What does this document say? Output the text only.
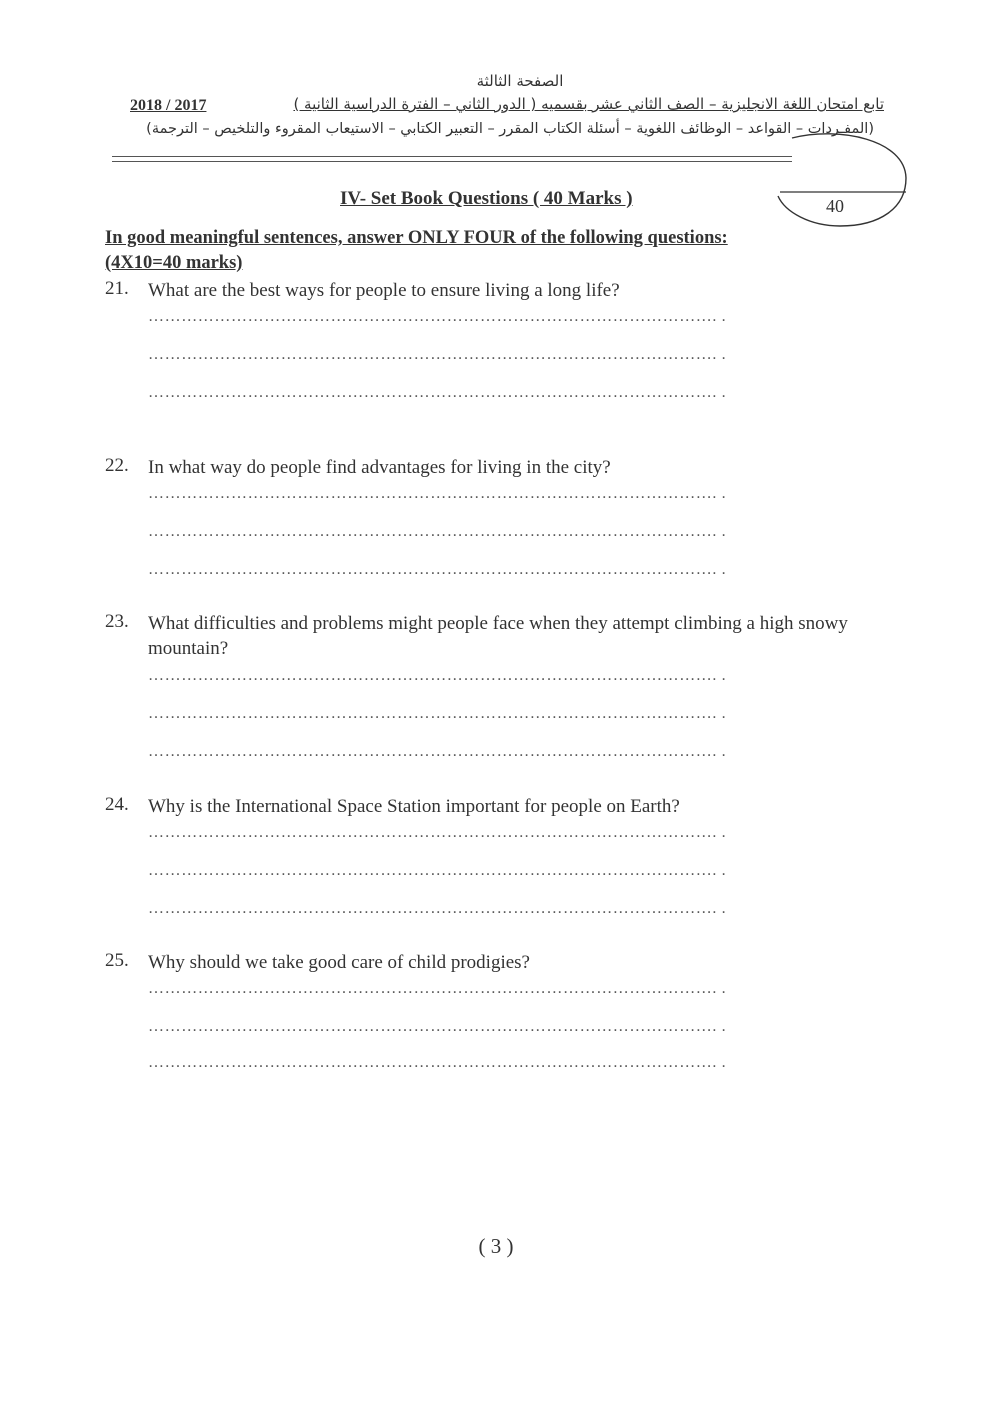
الصفحة الثالثة
تابع امتحان اللغة الانجليزية – الصف الثاني عشر بقسميه ( الدور الثاني – الفترة الدراسية الثانية )
2018 / 2017
(المفـردات – القواعد – الوظائف اللغوية – أسئلة الكتاب المقرر – التعبير الكتابي – الاستيعاب المقروء والتلخيص – الترجمة)
40
IV- Set Book Questions ( 40 Marks )
In good meaningful sentences, answer ONLY FOUR of the following questions:
(4X10=40 marks)
21. What are the best ways for people to ensure living a long life?
…………………………………………………………………………………………. .
…………………………………………………………………………………………. .
…………………………………………………………………………………………. .
22. In what way do people find advantages for living in the city?
…………………………………………………………………………………………. .
…………………………………………………………………………………………. .
…………………………………………………………………………………………. .
23. What difficulties and problems might people face when they attempt climbing a high snowy mountain?
…………………………………………………………………………………………. .
…………………………………………………………………………………………. .
…………………………………………………………………………………………. .
24. Why is the International Space Station important for people on Earth?
…………………………………………………………………………………………. .
…………………………………………………………………………………………. .
…………………………………………………………………………………………. .
25. Why should we take good care of child prodigies?
…………………………………………………………………………………………. .
…………………………………………………………………………………………. .
…………………………………………………………………………………………. .
( 3 )
